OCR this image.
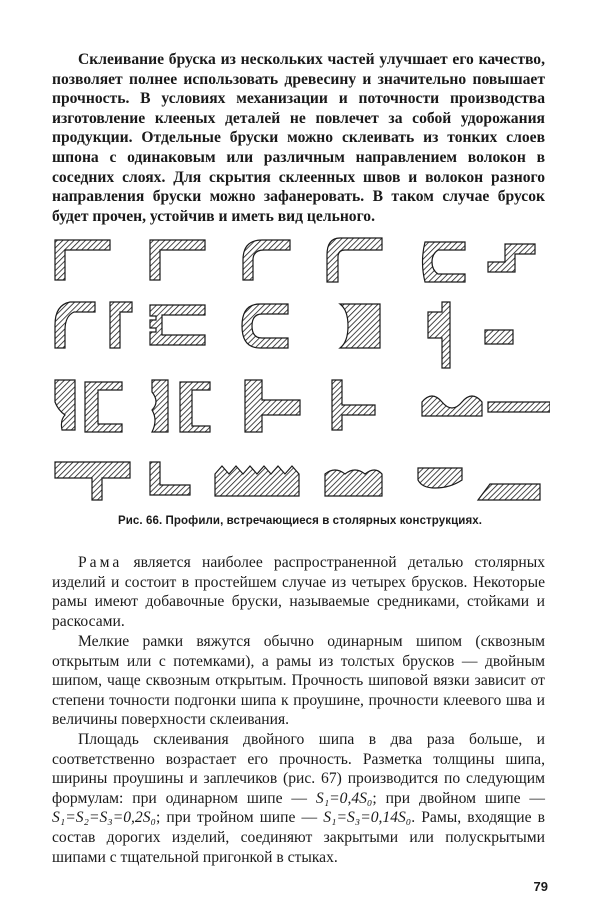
Склеивание бруска из нескольких частей улучшает его качество, позволяет полнее использовать древесину и значительно повышает прочность. В условиях механизации и поточности производства изготовление клееных деталей не повлечет за собой удорожания продукции. Отдельные бруски можно склеивать из тонких слоев шпона с одинаковым или различным направлением волокон в соседних слоях. Для скрытия склеенных швов и волокон разного направления бруски можно зафанеровать. В таком случае брусок будет прочен, устойчив и иметь вид цельного.

Рис. 66. Профили, встречающиеся в столярных конструкциях.

Рама является наиболее распространенной деталью столярных изделий и состоит в простейшем случае из четырех брусков. Некоторые рамы имеют добавочные бруски, называемые средниками, стойками и раскосами.

Мелкие рамки вяжутся обычно одинарным шипом (сквозным открытым или с потемками), а рамы из толстых брусков — двойным шипом, чаще сквозным открытым. Прочность шиповой вязки зависит от степени точности подгонки шипа к проушине, прочности клеевого шва и величины поверхности склеивания.

Площадь склеивания двойного шипа в два раза больше, и соответственно возрастает его прочность. Разметка толщины шипа, ширины проушины и заплечиков (рис. 67) производится по следующим формулам: при одинарном шипе — S₁=0,4S₀; при двойном шипе — S₁=S₂=S₃=0,2S₀; при тройном шипе — S₁=S₃=0,14S₀. Рамы, входящие в состав дорогих изделий, соединяют закрытыми или полускрытыми шипами с тщательной пригонкой в стыках.

79
